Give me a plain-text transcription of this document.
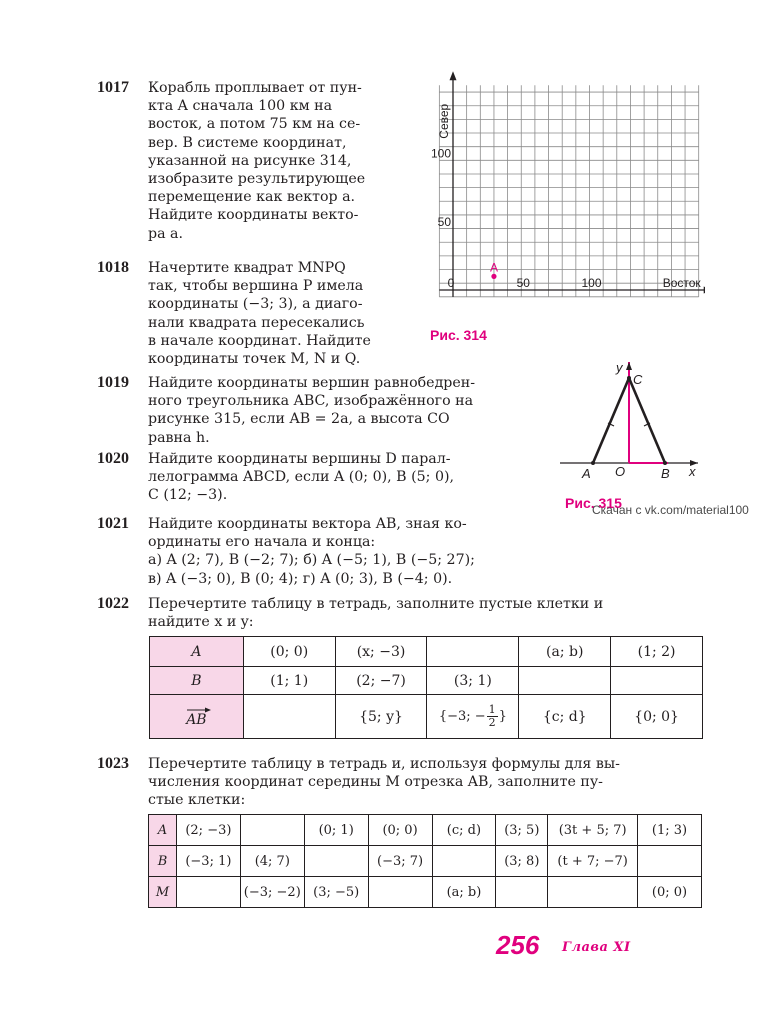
1017 Корабль проплывает от пун-
кта A сначала 100 км на
восток, а потом 75 км на се-
вер. В системе координат,
указанной на рисунке 314,
изобразите результирующее
перемещение как вектор a.
Найдите координаты векто-
ра a.
1018 Начертите квадрат MNPQ
так, чтобы вершина P имела
координаты (−3; 3), а диаго-
нали квадрата пересекались
в начале координат. Найдите
координаты точек M, N и Q.
0	50	100
100
50
Восток
Север
A
Рис. 314
1019 Найдите координаты вершин равнобедрен-
ного треугольника ABC, изображённого на
рисунке 315, если AB = 2a, а высота CO
равна h.
y
C
A O	B x
Рис. 315
Скачан с vk.com/material100
1020 Найдите координаты вершины D парал-
лелограмма ABCD, если A (0; 0), B (5; 0),
C (12; −3).
1021 Найдите координаты вектора AB, зная ко-
ординаты его начала и конца:
а) A (2; 7), B (−2; 7); б) A (−5; 1), B (−5; 27);
в) A (−3; 0), B (0; 4); г) A (0; 3), B (−4; 0).
1022 Перечертите таблицу в тетрадь, заполните пустые клетки и
найдите x и y:
A	(0; 0)	(x; −3)		(a; b)	(1; 2)
B	(1; 1)	(2; −7)	(3; 1)		

AB		{5; y}	{−3; − $\frac{1}{2}$ }	{c; d}	{0; 0}
1023 Перечертите таблицу в тетрадь и, используя формулы для вы-
числения координат середины M отрезка AB, заполните пу-
стые клетки:
A	(2; −3)		(0; 1)	(0; 0)	(c; d)	(3; 5)	(3t + 5; 7)	(1; 3)
B	(−3; 1)	(4; 7)		(−3; 7)		(3; 8)	(t + 7; −7)	
M		(−3; −2)	(3; −5)		(a; b)			(0; 0)
256 Глава XI
